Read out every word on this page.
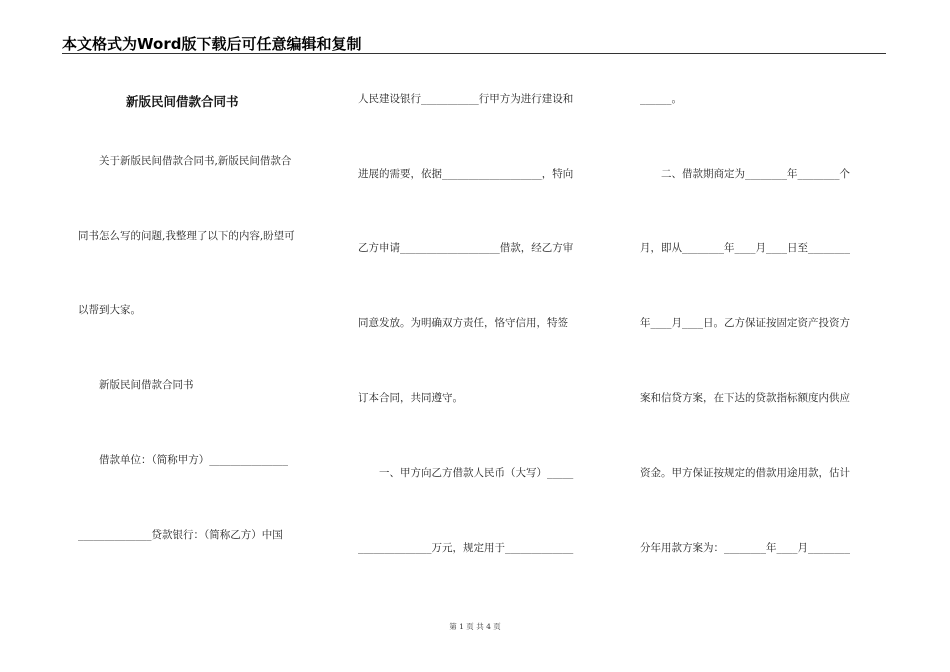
本文格式为Word版下载后可任意编辑和复制
新版民间借款合同书
　　关于新版民间借款合同书,新版民间借款合
同书怎么写的问题,我整理了以下的内容,盼望可
以帮到大家。
　　新版民间借款合同书
　　借款单位：（简称甲方）_______________
______________贷款银行：（简称乙方）中国
人民建设银行___________行甲方为进行建设和
进展的需要，依据___________________，特向
乙方申请___________________借款，经乙方审
同意发放。为明确双方责任，恪守信用，特签
订本合同，共同遵守。
　　一、甲方向乙方借款人民币（大写）_____
______________万元，规定用于_____________
______。
　　二、借款期商定为________年________个
月，即从________年____月____日至________
年____月____日。乙方保证按固定资产投资方
案和信贷方案，在下达的贷款指标额度内供应
资金。甲方保证按规定的借款用途用款，估计
分年用款方案为：________年____月________
第 1 页 共 4 页
